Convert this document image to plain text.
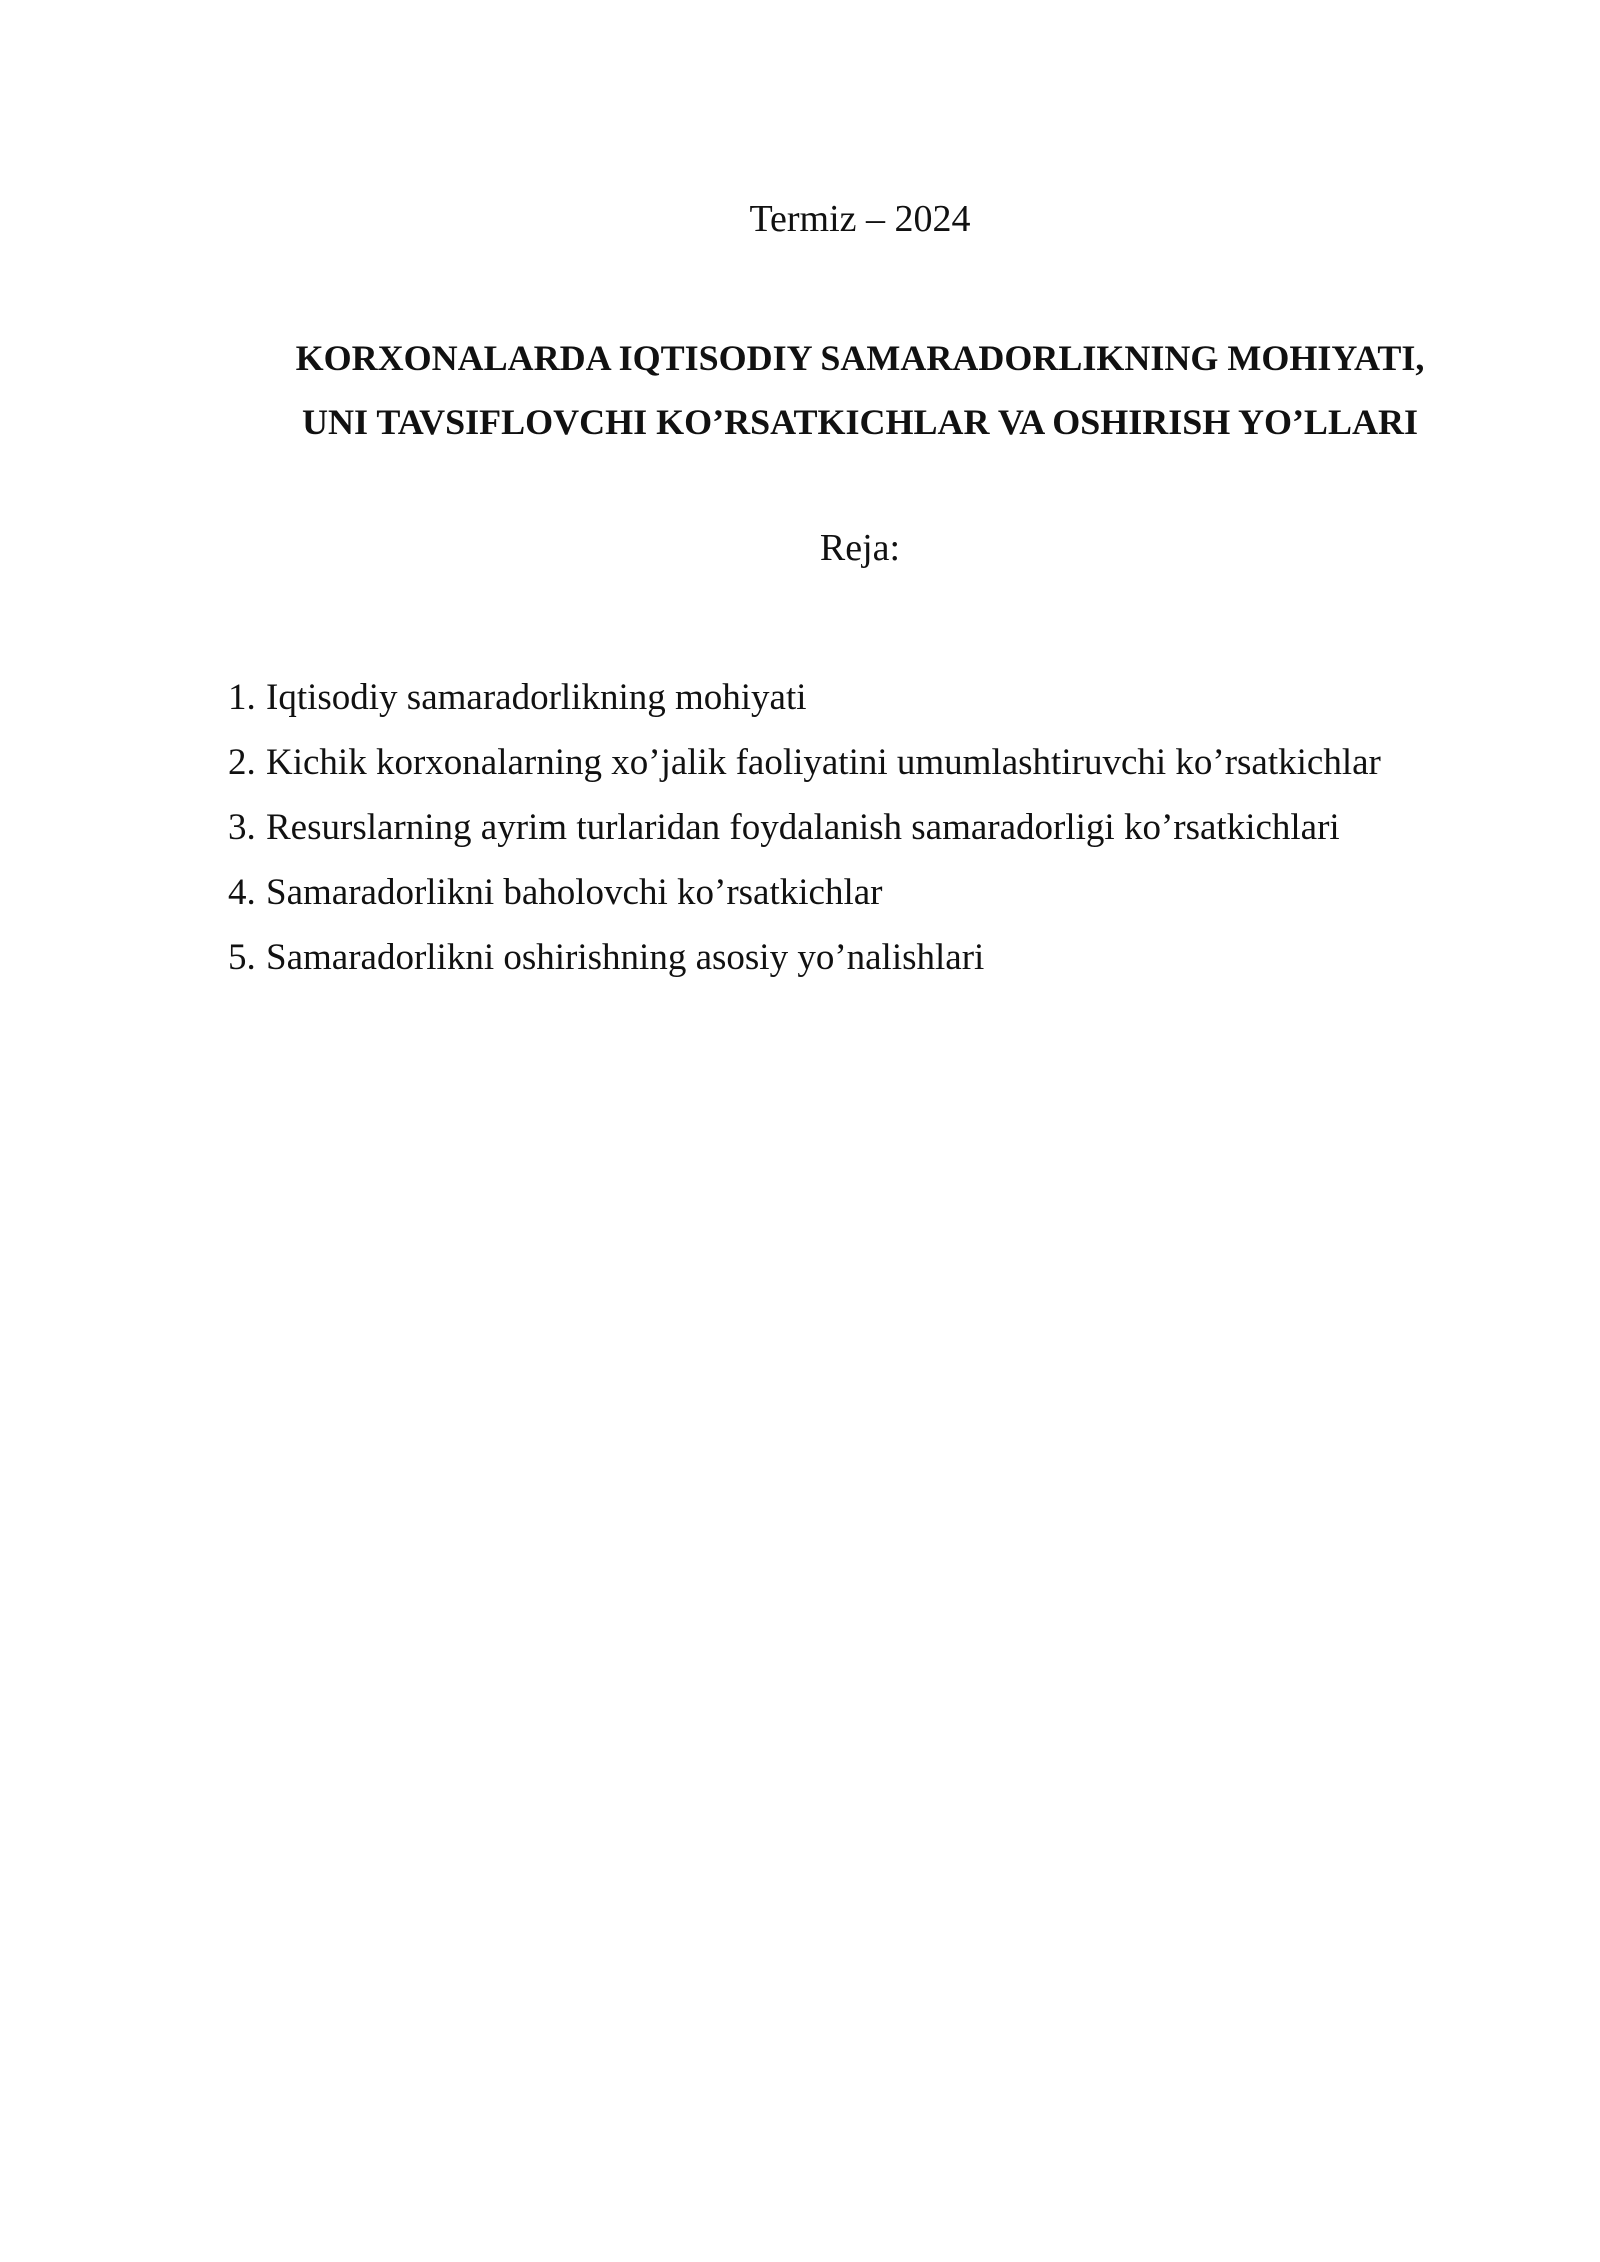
Termiz – 2024
KORXONALARDA IQTISODIY SAMARADORLIKNING MOHIYATI,
UNI TAVSIFLOVCHI KO’RSATKICHLAR VA OSHIRISH YO’LLARI
Reja:
1. Iqtisodiy samaradorlikning mohiyati
2. Kichik korxonalarning xo’jalik faoliyatini umumlashtiruvchi ko’rsatkichlar
3. Resurslarning ayrim turlaridan foydalanish samaradorligi ko’rsatkichlari
4. Samaradorlikni baholovchi ko’rsatkichlar
5. Samaradorlikni oshirishning asosiy yo’nalishlari
